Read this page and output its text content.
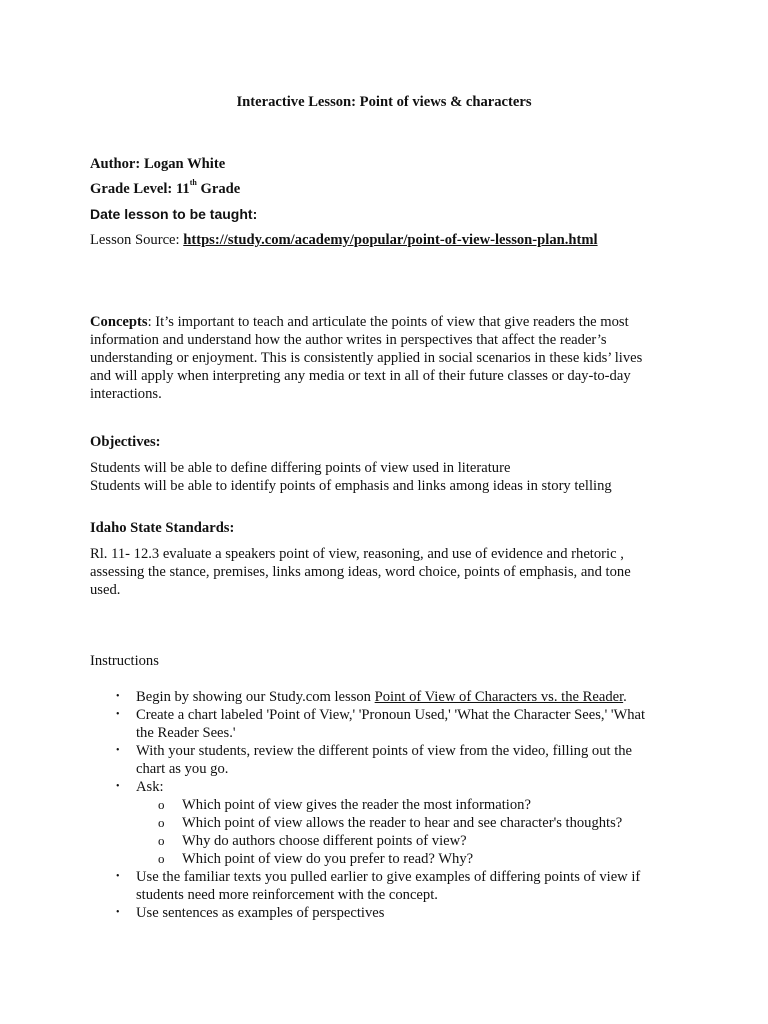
Interactive Lesson: Point of views & characters
Author: Logan White
Grade Level: 11th Grade
Date lesson to be taught:
Lesson Source: https://study.com/academy/popular/point-of-view-lesson-plan.html
Concepts: It’s important to teach and articulate the points of view that give readers the most
information and understand how the author writes in perspectives that affect the reader’s
understanding or enjoyment. This is consistently applied in social scenarios in these kids’ lives
and will apply when interpreting any media or text in all of their future classes or day-to-day
interactions.
Objectives:
Students will be able to define differing points of view used in literature
Students will be able to identify points of emphasis and links among ideas in story telling
Idaho State Standards:
Rl. 11- 12.3 evaluate a speakers point of view, reasoning, and use of evidence and rhetoric ,
assessing the stance, premises, links among ideas, word choice, points of emphasis, and tone
used.
Instructions
• Begin by showing our Study.com lesson Point of View of Characters vs. the Reader.
• Create a chart labeled 'Point of View,' 'Pronoun Used,' 'What the Character Sees,' 'What
the Reader Sees.'
• With your students, review the different points of view from the video, filling out the
chart as you go.
• Ask:
o Which point of view gives the reader the most information?
o Which point of view allows the reader to hear and see character's thoughts?
o Why do authors choose different points of view?
o Which point of view do you prefer to read? Why?
• Use the familiar texts you pulled earlier to give examples of differing points of view if
students need more reinforcement with the concept.
• Use sentences as examples of perspectives
